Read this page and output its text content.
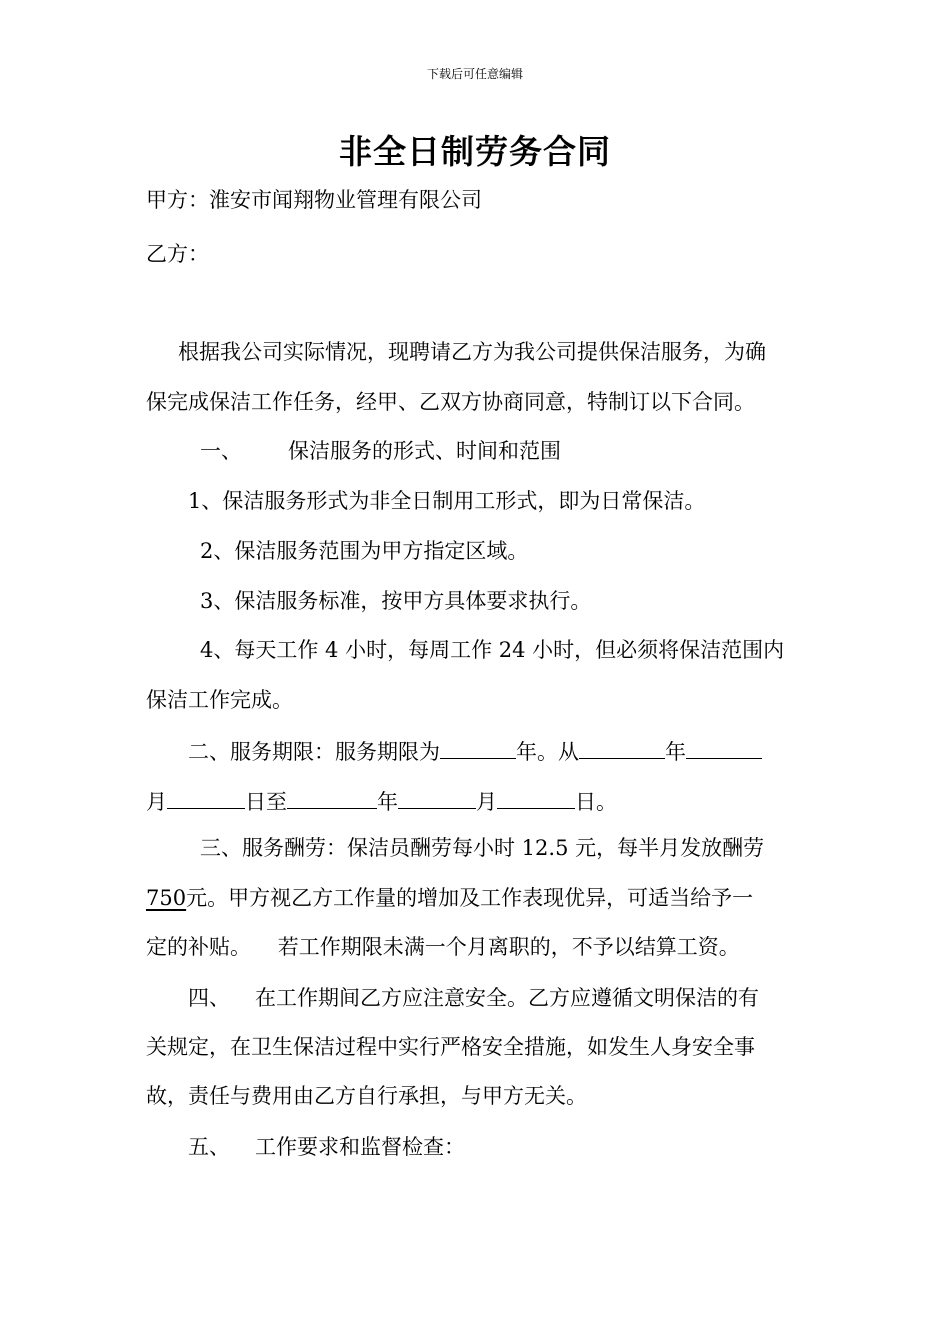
下载后可任意编辑
非全日制劳务合同
甲方：淮安市闻翔物业管理有限公司
乙方：
根据我公司实际情况，现聘请乙方为我公司提供保洁服务，为确
保完成保洁工作任务，经甲、乙双方协商同意，特制订以下合同。
一、 保洁服务的形式、时间和范围
1、保洁服务形式为非全日制用工形式，即为日常保洁。
2、保洁服务范围为甲方指定区域。
3、保洁服务标准，按甲方具体要求执行。
4、每天工作 4 小时，每周工作 24 小时，但必须将保洁范围内
保洁工作完成。
二、服务期限：服务期限为	年。从	年
月	日至	年	月	日。
三、服务酬劳：保洁员酬劳每小时 12.5 元，每半月发放酬劳
750元。甲方视乙方工作量的增加及工作表现优异，可适当给予一
定的补贴。    若工作期限未满一个月离职的，不予以结算工资。
四、 在工作期间乙方应注意安全。乙方应遵循文明保洁的有
关规定，在卫生保洁过程中实行严格安全措施，如发生人身安全事
故，责任与费用由乙方自行承担，与甲方无关。
五、 工作要求和监督检查：
